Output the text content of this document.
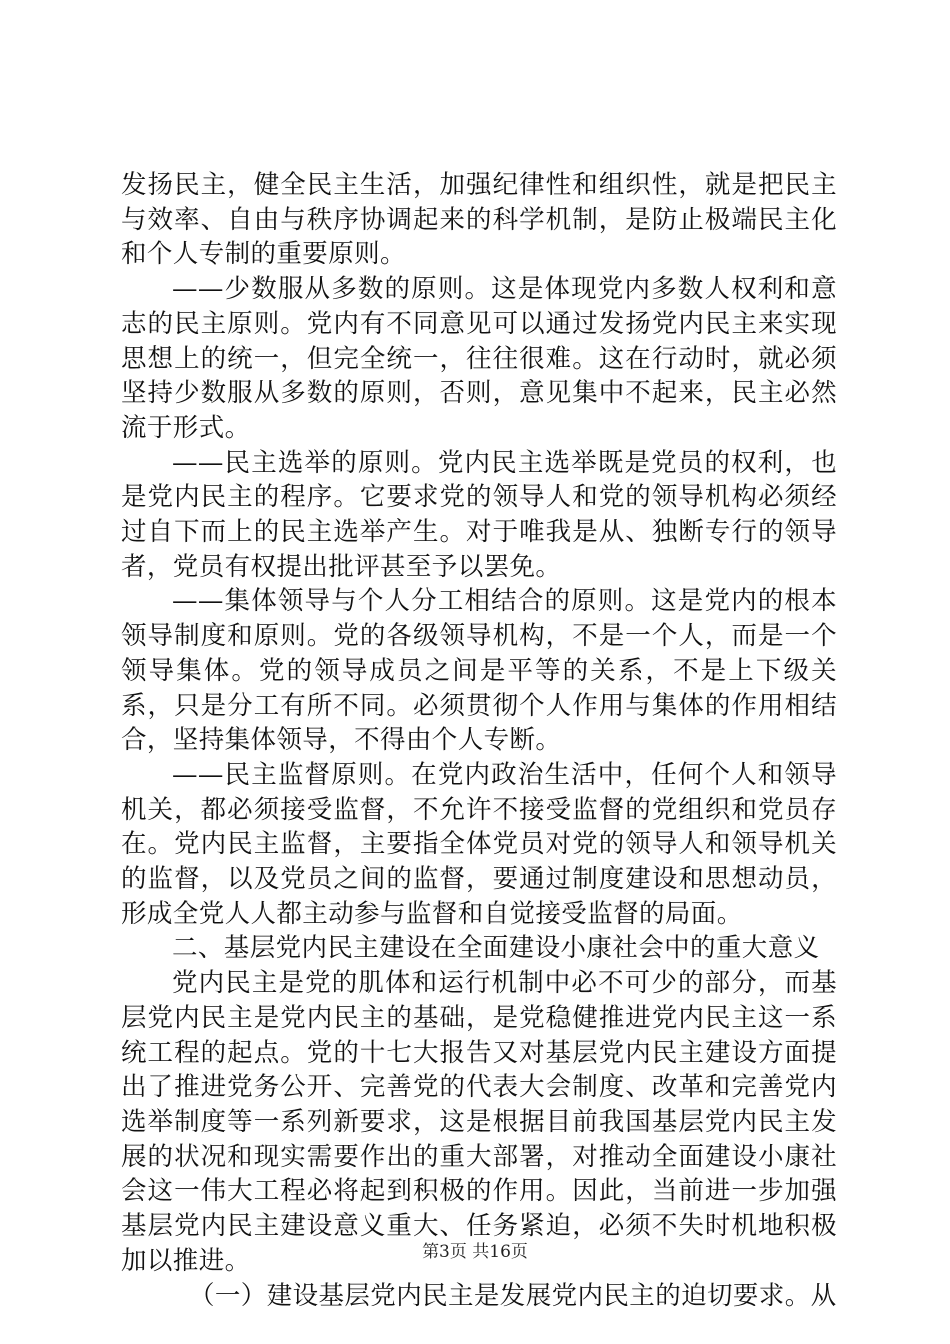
发扬民主，健全民主生活，加强纪律性和组织性，就是把民主与效率、自由与秩序协调起来的科学机制，是防止极端民主化和个人专制的重要原则。

——少数服从多数的原则。这是体现党内多数人权利和意志的民主原则。党内有不同意见可以通过发扬党内民主来实现思想上的统一，但完全统一，往往很难。这在行动时，就必须坚持少数服从多数的原则，否则，意见集中不起来，民主必然流于形式。

——民主选举的原则。党内民主选举既是党员的权利，也是党内民主的程序。它要求党的领导人和党的领导机构必须经过自下而上的民主选举产生。对于唯我是从、独断专行的领导者，党员有权提出批评甚至予以罢免。

——集体领导与个人分工相结合的原则。这是党内的根本领导制度和原则。党的各级领导机构，不是一个人，而是一个领导集体。党的领导成员之间是平等的关系，不是上下级关系，只是分工有所不同。必须贯彻个人作用与集体的作用相结合，坚持集体领导，不得由个人专断。

——民主监督原则。在党内政治生活中，任何个人和领导机关，都必须接受监督，不允许不接受监督的党组织和党员存在。党内民主监督，主要指全体党员对党的领导人和领导机关的监督，以及党员之间的监督，要通过制度建设和思想动员，形成全党人人都主动参与监督和自觉接受监督的局面。

二、基层党内民主建设在全面建设小康社会中的重大意义

党内民主是党的肌体和运行机制中必不可少的部分，而基层党内民主是党内民主的基础，是党稳健推进党内民主这一系统工程的起点。党的十七大报告又对基层党内民主建设方面提出了推进党务公开、完善党的代表大会制度、改革和完善党内选举制度等一系列新要求，这是根据目前我国基层党内民主发展的状况和现实需要作出的重大部署，对推动全面建设小康社会这一伟大工程必将起到积极的作用。因此，当前进一步加强基层党内民主建设意义重大、任务紧迫，必须不失时机地积极加以推进。

（一）建设基层党内民主是发展党内民主的迫切要求。从

第3页 共16页
